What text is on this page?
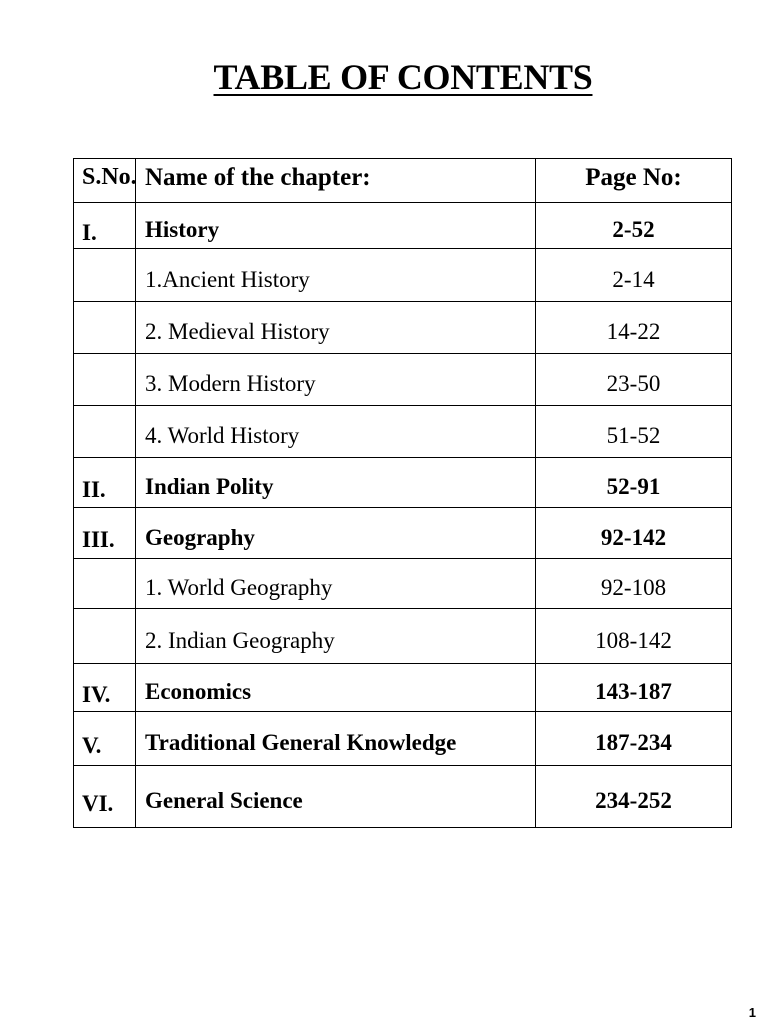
TABLE OF CONTENTS
S.No.	Name of the chapter:	Page No:
I.	History	2-52
	1.Ancient History	2-14
	2. Medieval History	14-22
	3. Modern History	23-50
	4. World History	51-52
II.	Indian Polity	52-91
III.	Geography	92-142
	1. World Geography	92-108
	2. Indian Geography	108-142
IV.	Economics	143-187
V.	Traditional General Knowledge	187-234
VI.	General Science	234-252
1
